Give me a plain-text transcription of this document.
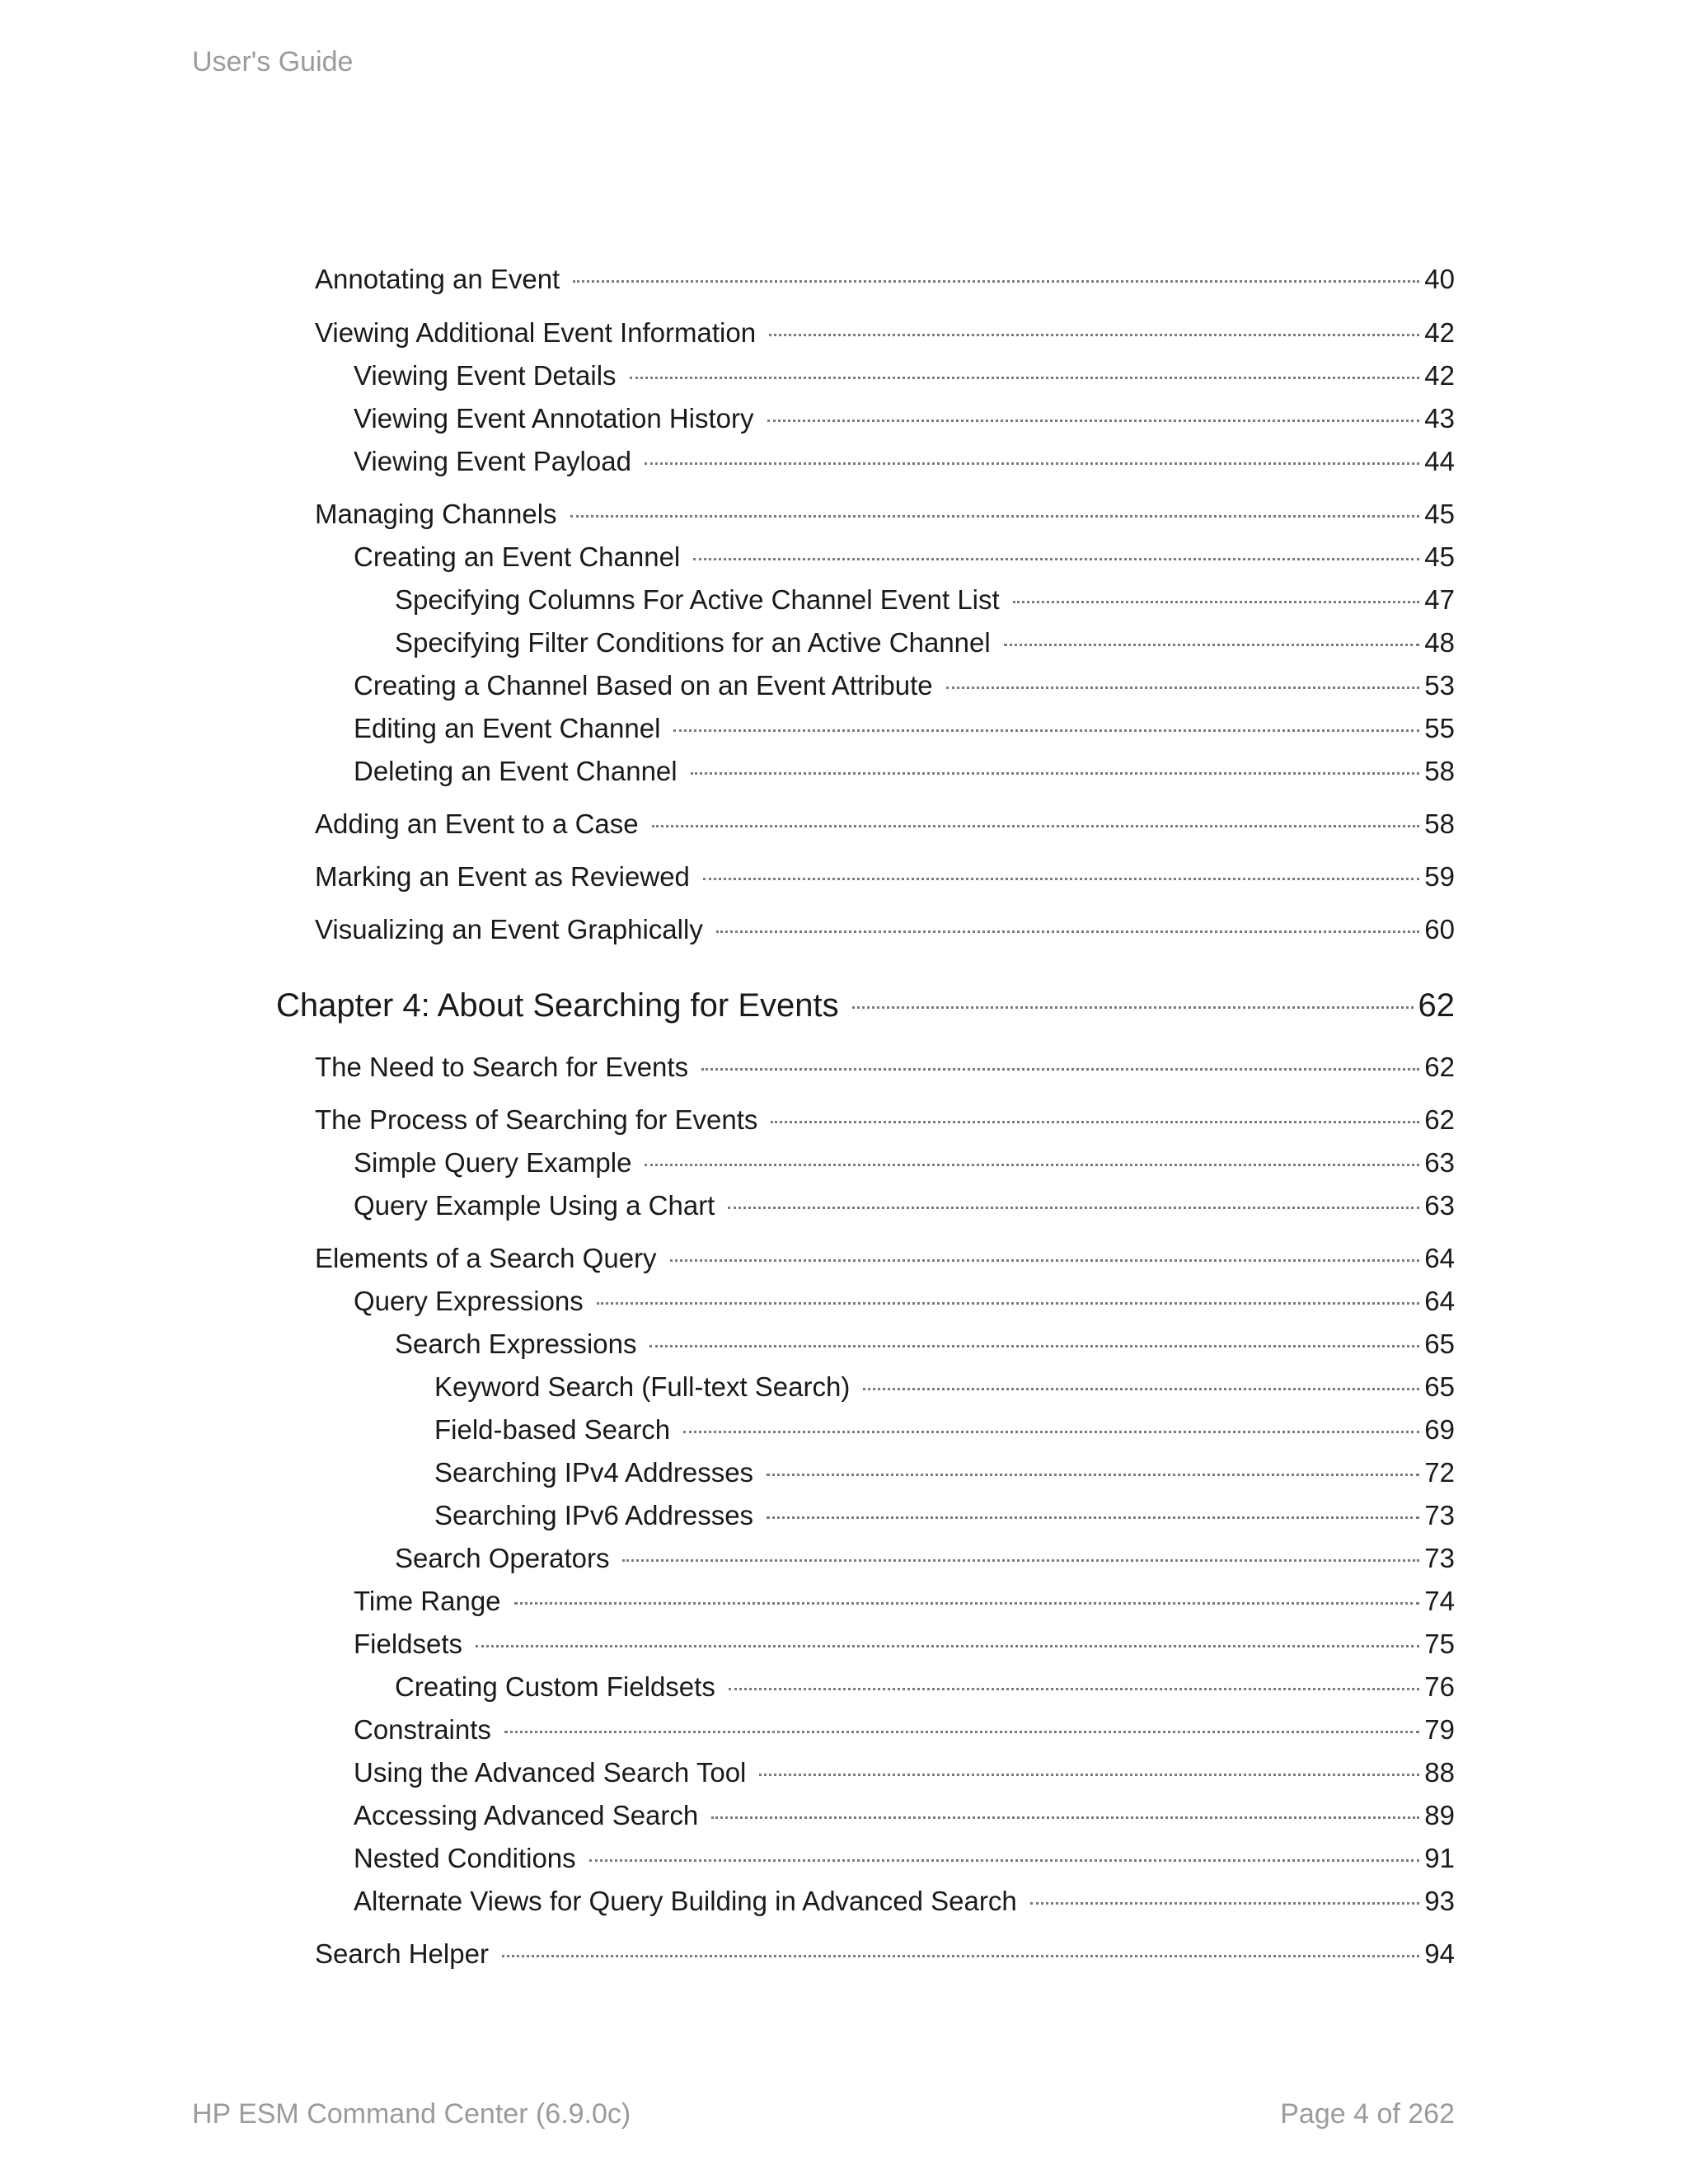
User's Guide
Annotating an Event	40
Viewing Additional Event Information	42
Viewing Event Details	42
Viewing Event Annotation History	43
Viewing Event Payload	44
Managing Channels	45
Creating an Event Channel	45
Specifying Columns For Active Channel Event List	47
Specifying Filter Conditions for an Active Channel	48
Creating a Channel Based on an Event Attribute	53
Editing an Event Channel	55
Deleting an Event Channel	58
Adding an Event to a Case	58
Marking an Event as Reviewed	59
Visualizing an Event Graphically	60
Chapter 4: About Searching for Events	62
The Need to Search for Events	62
The Process of Searching for Events	62
Simple Query Example	63
Query Example Using a Chart	63
Elements of a Search Query	64
Query Expressions	64
Search Expressions	65
Keyword Search (Full-text Search)	65
Field-based Search	69
Searching IPv4 Addresses	72
Searching IPv6 Addresses	73
Search Operators	73
Time Range	74
Fieldsets	75
Creating Custom Fieldsets	76
Constraints	79
Using the Advanced Search Tool	88
Accessing Advanced Search	89
Nested Conditions	91
Alternate Views for Query Building in Advanced Search	93
Search Helper	94
HP ESM Command Center (6.9.0c)	Page 4 of 262
